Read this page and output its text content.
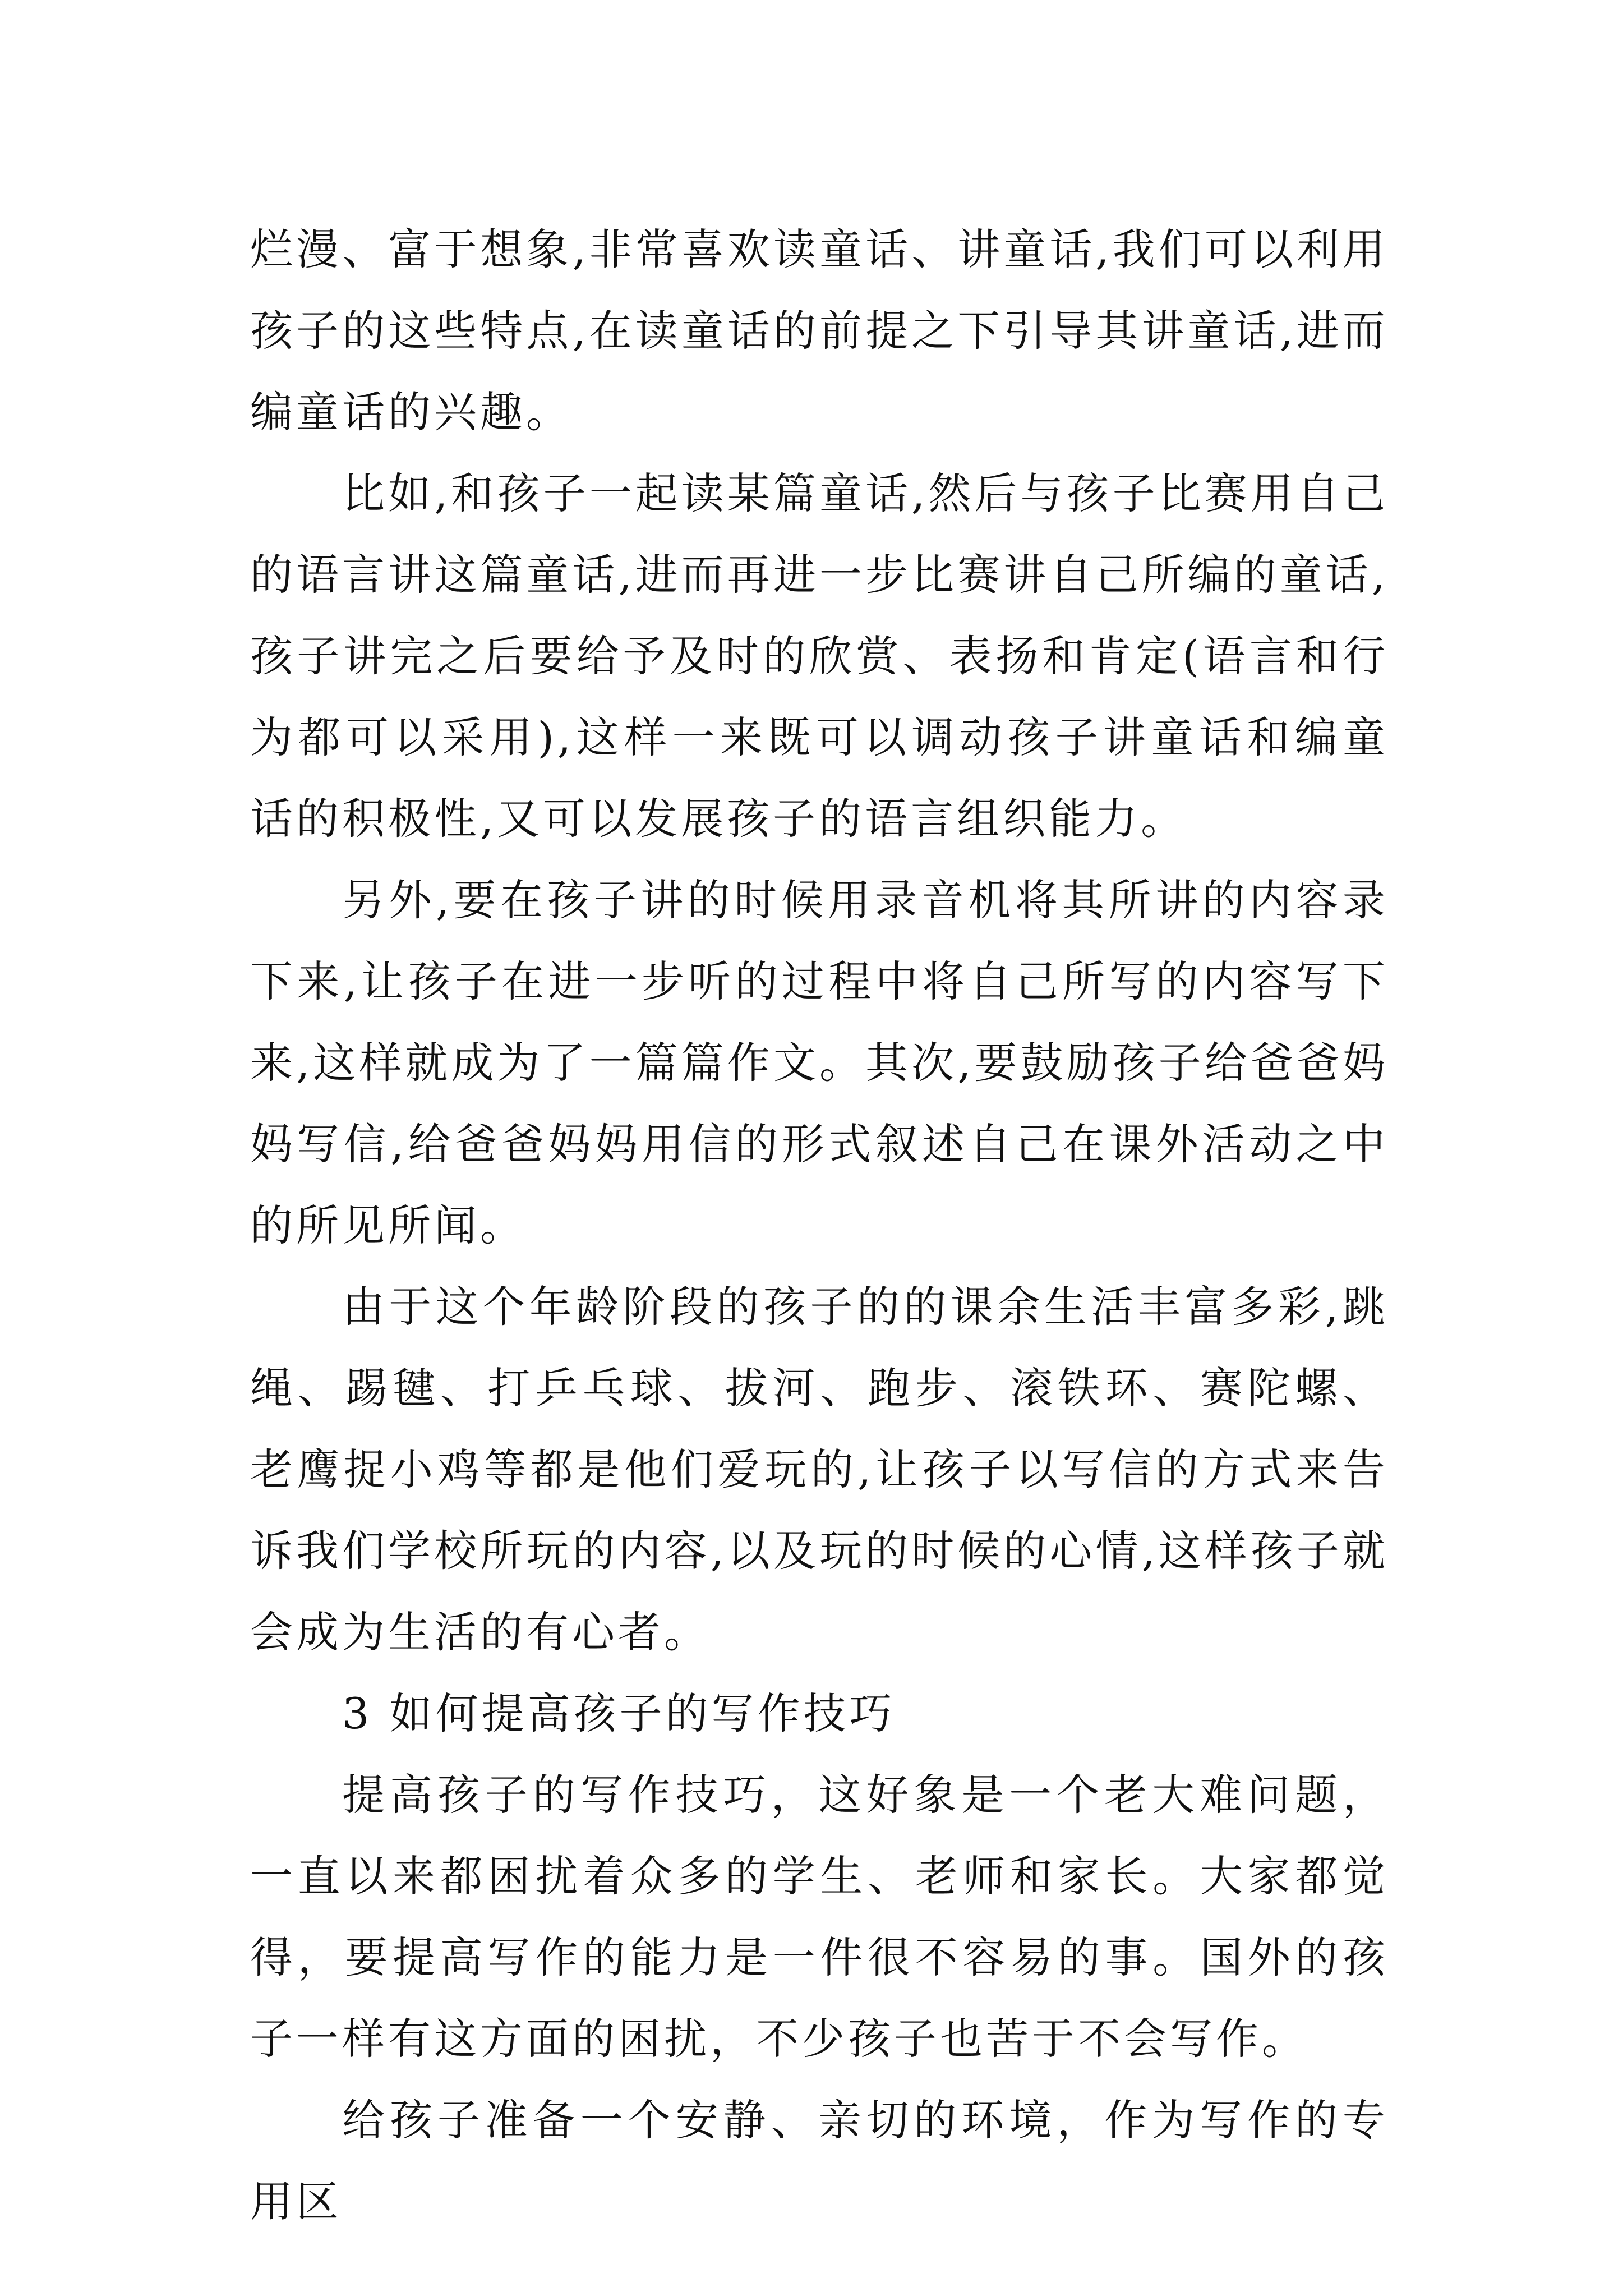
烂漫、富于想象,非常喜欢读童话、讲童话,我们可以利用孩子的这些特点,在读童话的前提之下引导其讲童话,进而编童话的兴趣。

比如,和孩子一起读某篇童话,然后与孩子比赛用自己的语言讲这篇童话,进而再进一步比赛讲自己所编的童话,孩子讲完之后要给予及时的欣赏、表扬和肯定(语言和行为都可以采用),这样一来既可以调动孩子讲童话和编童话的积极性,又可以发展孩子的语言组织能力。

另外,要在孩子讲的时候用录音机将其所讲的内容录下来,让孩子在进一步听的过程中将自己所写的内容写下来,这样就成为了一篇篇作文。其次,要鼓励孩子给爸爸妈妈写信,给爸爸妈妈用信的形式叙述自己在课外活动之中的所见所闻。

由于这个年龄阶段的孩子的的课余生活丰富多彩,跳绳、踢毽、打乒乓球、拔河、跑步、滚铁环、赛陀螺、老鹰捉小鸡等都是他们爱玩的,让孩子以写信的方式来告诉我们学校所玩的内容,以及玩的时候的心情,这样孩子就会成为生活的有心者。

3 如何提高孩子的写作技巧

提高孩子的写作技巧，这好象是一个老大难问题，一直以来都困扰着众多的学生、老师和家长。大家都觉得，要提高写作的能力是一件很不容易的事。国外的孩子一样有这方面的困扰，不少孩子也苦于不会写作。

给孩子准备一个安静、亲切的环境，作为写作的专用区
